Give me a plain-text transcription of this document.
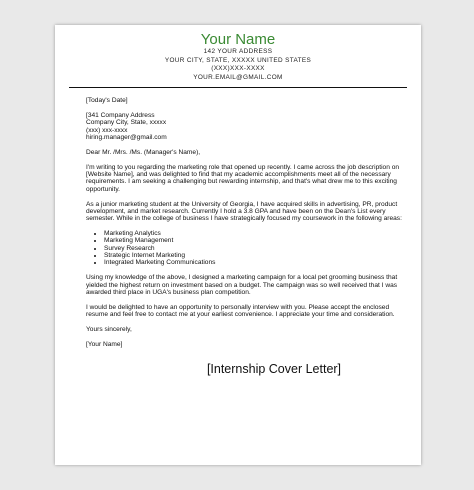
Your Name
142 YOUR ADDRESS
YOUR CITY, STATE, XXXXX UNITED STATES
(XXX)XXX-XXXX
YOUR.EMAIL@GMAIL.COM

[Today's Date]

[341 Company Address

Company City, State, xxxxx

(xxx) xxx-xxxx

hiring.manager@gmail.com

Dear Mr. /Mrs. /Ms. (Manager's Name),

I'm writing to you regarding the marketing role that opened up recently. I came across the job description on [Website Name], and was delighted to find that my academic accomplishments meet all of the necessary requirements. I am seeking a challenging but rewarding internship, and that's what drew me to this exciting opportunity.

As a junior marketing student at the University of Georgia, I have acquired skills in advertising, PR, product development, and market research. Currently I hold a 3.8 GPA and have been on the Dean's List every semester. While in the college of business I have strategically focused my coursework in the following areas:

• Marketing Analytics
• Marketing Management
• Survey Research
• Strategic Internet Marketing
• Integrated Marketing Communications

Using my knowledge of the above, I designed a marketing campaign for a local pet grooming business that yielded the highest return on investment based on a budget. The campaign was so well received that I was awarded third place in UGA's business plan competition.

I would be delighted to have an opportunity to personally interview with you. Please accept the enclosed resume and feel free to contact me at your earliest convenience. I appreciate your time and consideration.

Yours sincerely,

[Your Name]

[Internship Cover Letter]
